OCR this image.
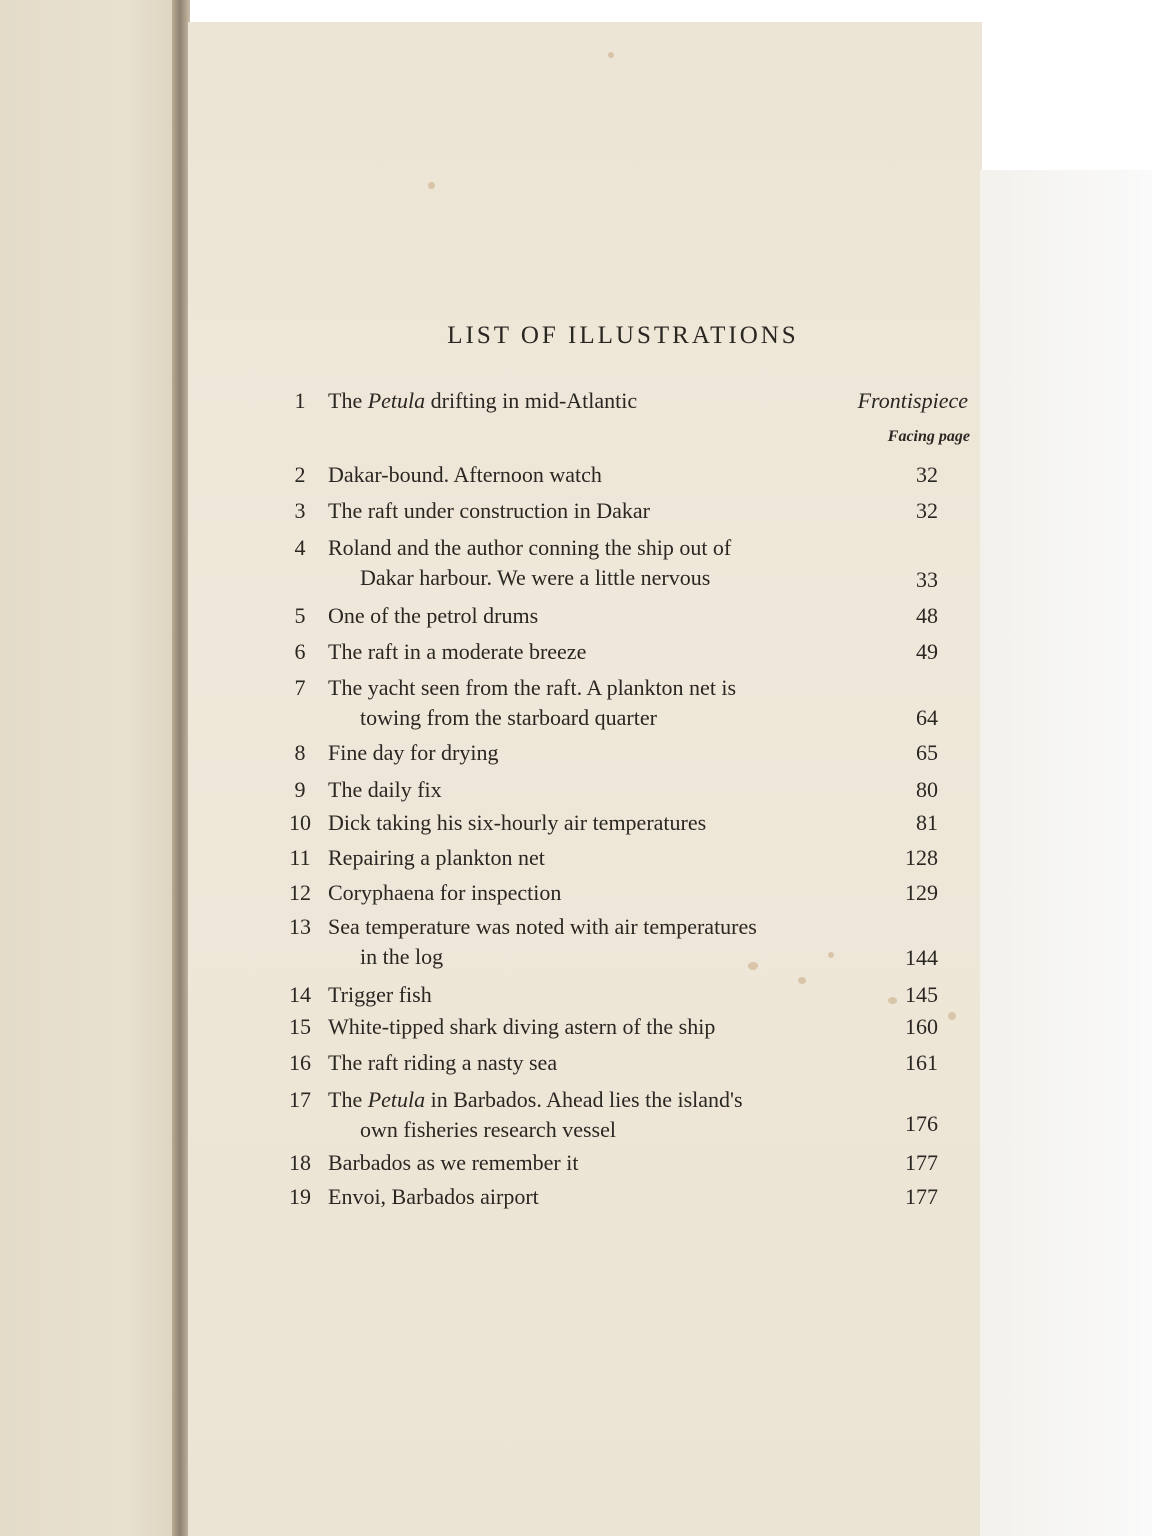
LIST OF ILLUSTRATIONS
1	The Petula drifting in mid-Atlantic	Frontispiece
Facing page
2	Dakar-bound. Afternoon watch	32
3	The raft under construction in Dakar	32
4	Roland and the author conning the ship out of
Dakar harbour. We were a little nervous	33
5	One of the petrol drums	48
6	The raft in a moderate breeze	49
7	The yacht seen from the raft. A plankton net is
towing from the starboard quarter	64
8	Fine day for drying	65
9	The daily fix	80
10 Dick taking his six-hourly air temperatures	81
11 Repairing a plankton net	128
12 Coryphaena for inspection	129
13 Sea temperature was noted with air temperatures
in the log	144
14 Trigger fish	145
15 White-tipped shark diving astern of the ship	160
16 The raft riding a nasty sea	161
17 The Petula in Barbados. Ahead lies the island's
own fisheries research vessel	176
18 Barbados as we remember it	177
19 Envoi, Barbados airport	177
